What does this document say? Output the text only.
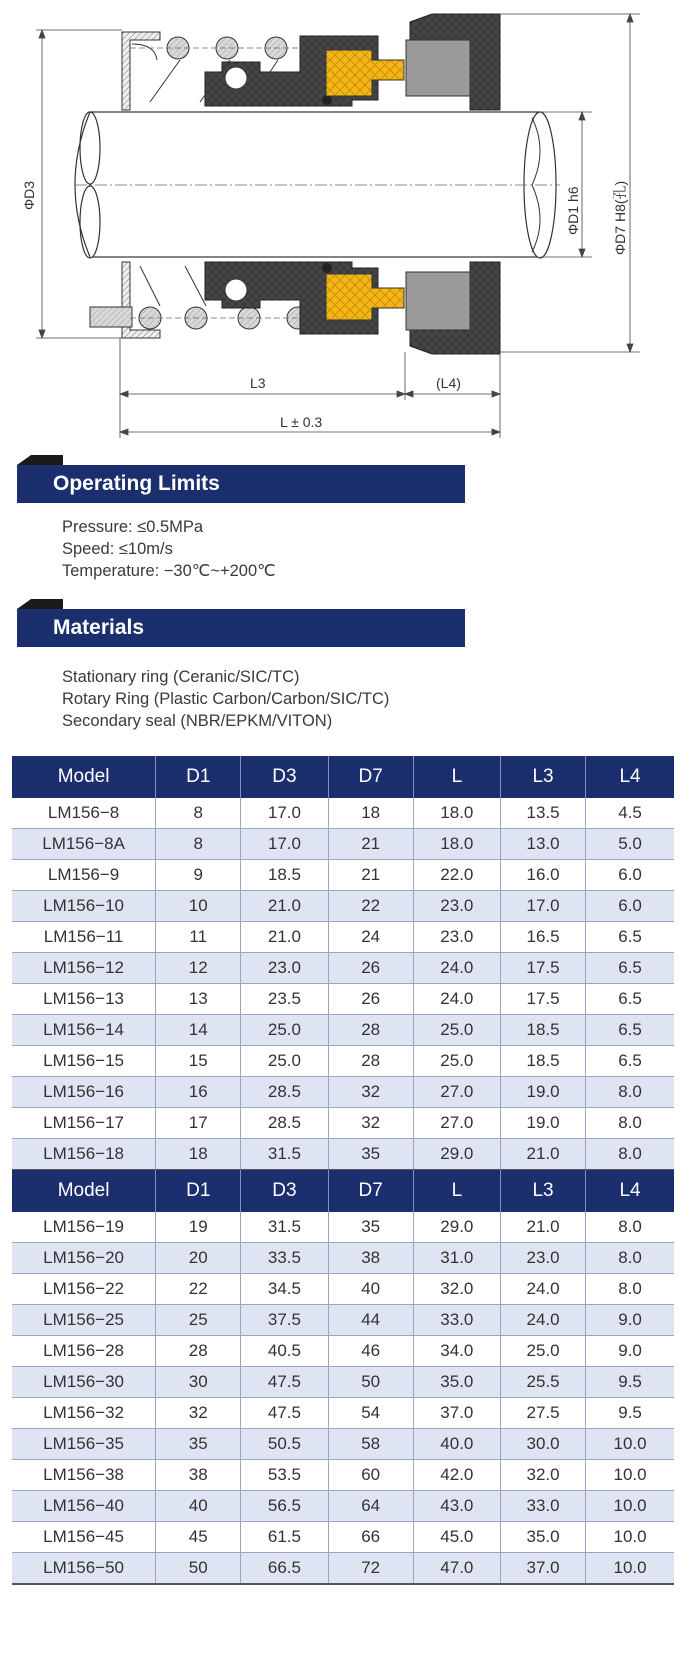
ΦD3	ΦD1 h6 ΦD7 H8(孔)
L3	(L4)
L ± 0.3
Operating Limits
Pressure: ≤0.5MPa
Speed: ≤10m/s
Temperature: −30℃~+200℃
Materials
Stationary ring (Ceranic/SIC/TC)
Rotary Ring (Plastic Carbon/Carbon/SIC/TC)
Secondary seal (NBR/EPKM/VITON)
Model	D1	D3	D7	L	L3	L4
LM156−8	8	17.0	18	18.0	13.5	4.5
LM156−8A	8	17.0	21	18.0	13.0	5.0
LM156−9	9	18.5	21	22.0	16.0	6.0
LM156−10	10	21.0	22	23.0	17.0	6.0
LM156−11	11	21.0	24	23.0	16.5	6.5
LM156−12	12	23.0	26	24.0	17.5	6.5
LM156−13	13	23.5	26	24.0	17.5	6.5
LM156−14	14	25.0	28	25.0	18.5	6.5
LM156−15	15	25.0	28	25.0	18.5	6.5
LM156−16	16	28.5	32	27.0	19.0	8.0
LM156−17	17	28.5	32	27.0	19.0	8.0
LM156−18	18	31.5	35	29.0	21.0	8.0
Model	D1	D3	D7	L	L3	L4
LM156−19	19	31.5	35	29.0	21.0	8.0
LM156−20	20	33.5	38	31.0	23.0	8.0
LM156−22	22	34.5	40	32.0	24.0	8.0
LM156−25	25	37.5	44	33.0	24.0	9.0
LM156−28	28	40.5	46	34.0	25.0	9.0
LM156−30	30	47.5	50	35.0	25.5	9.5
LM156−32	32	47.5	54	37.0	27.5	9.5
LM156−35	35	50.5	58	40.0	30.0	10.0
LM156−38	38	53.5	60	42.0	32.0	10.0
LM156−40	40	56.5	64	43.0	33.0	10.0
LM156−45	45	61.5	66	45.0	35.0	10.0
LM156−50	50	66.5	72	47.0	37.0	10.0
